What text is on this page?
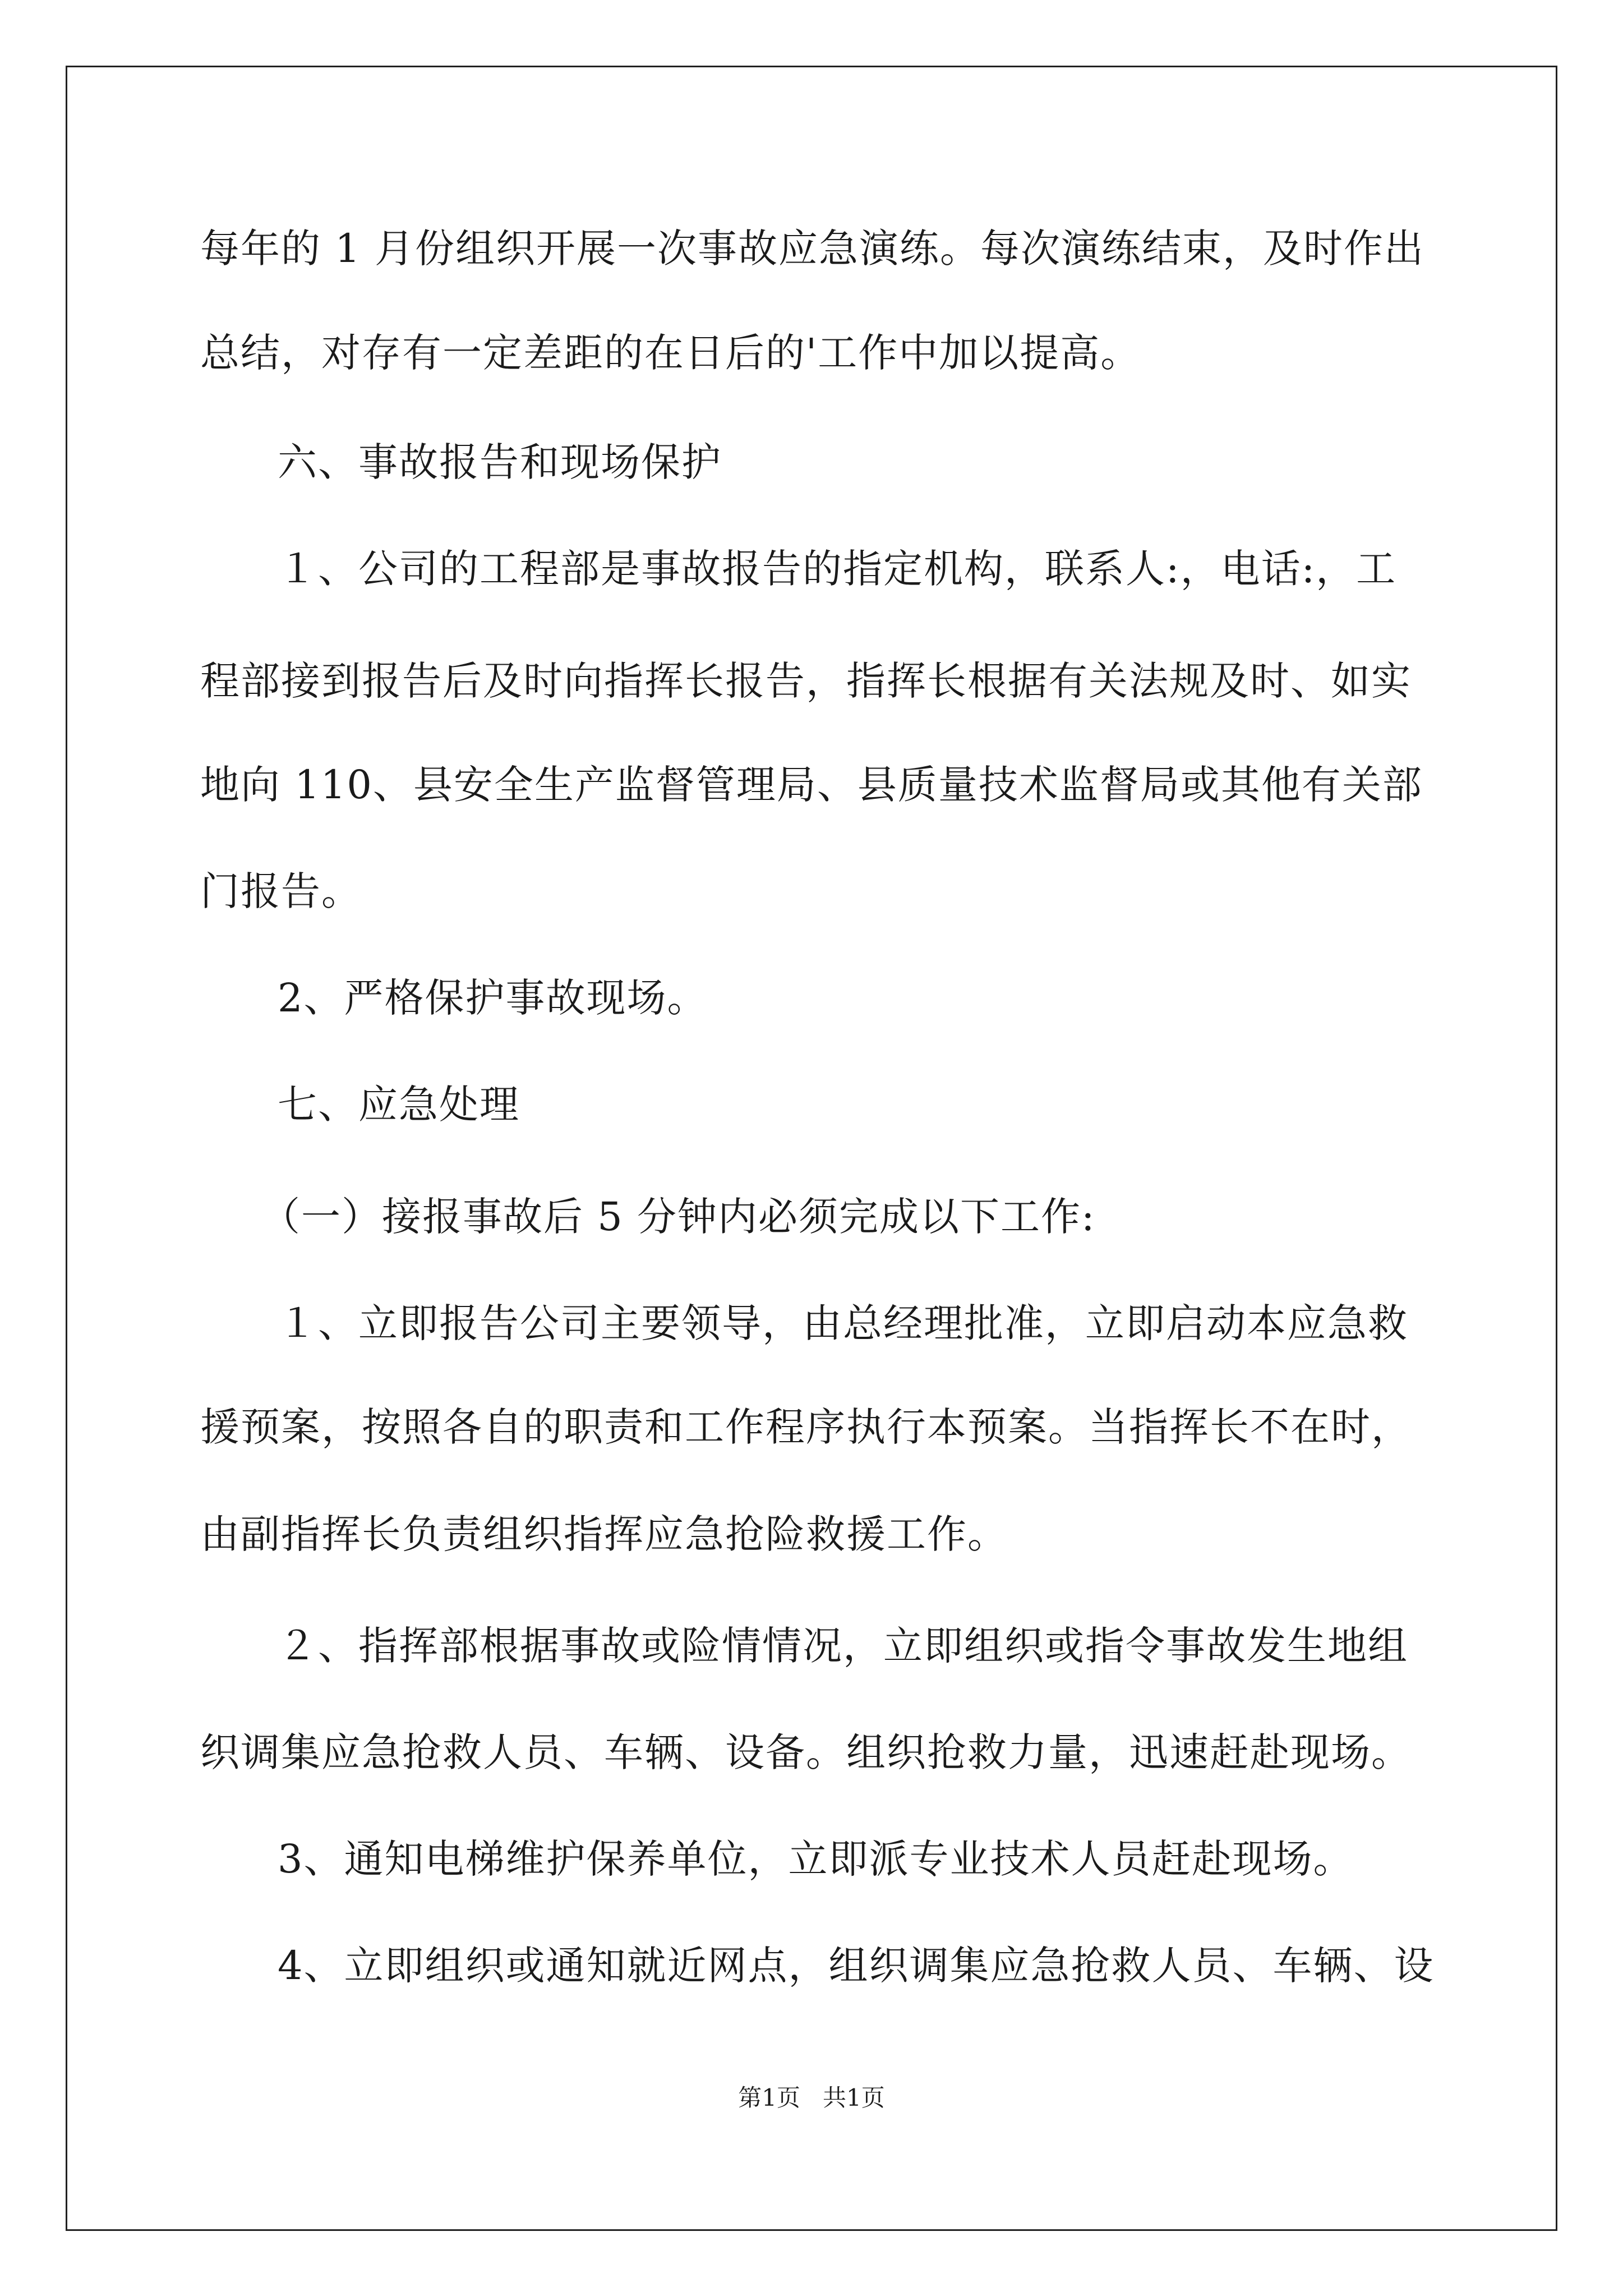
每年的 1 月份组织开展一次事故应急演练。每次演练结束，及时作出
总结，对存有一定差距的在日后的'工作中加以提高。
六、事故报告和现场保护
１、公司的工程部是事故报告的指定机构，联系人:，电话:，工
程部接到报告后及时向指挥长报告，指挥长根据有关法规及时、如实
地向 110、县安全生产监督管理局、县质量技术监督局或其他有关部
门报告。
2、严格保护事故现场。
七、应急处理
（一）接报事故后 5 分钟内必须完成以下工作:
１、立即报告公司主要领导，由总经理批准，立即启动本应急救
援预案，按照各自的职责和工作程序执行本预案。当指挥长不在时，
由副指挥长负责组织指挥应急抢险救援工作。
２、指挥部根据事故或险情情况，立即组织或指令事故发生地组
织调集应急抢救人员、车辆、设备。组织抢救力量，迅速赶赴现场。
3、通知电梯维护保养单位，立即派专业技术人员赶赴现场。
4、立即组织或通知就近网点，组织调集应急抢救人员、车辆、设
第1页   共1页
